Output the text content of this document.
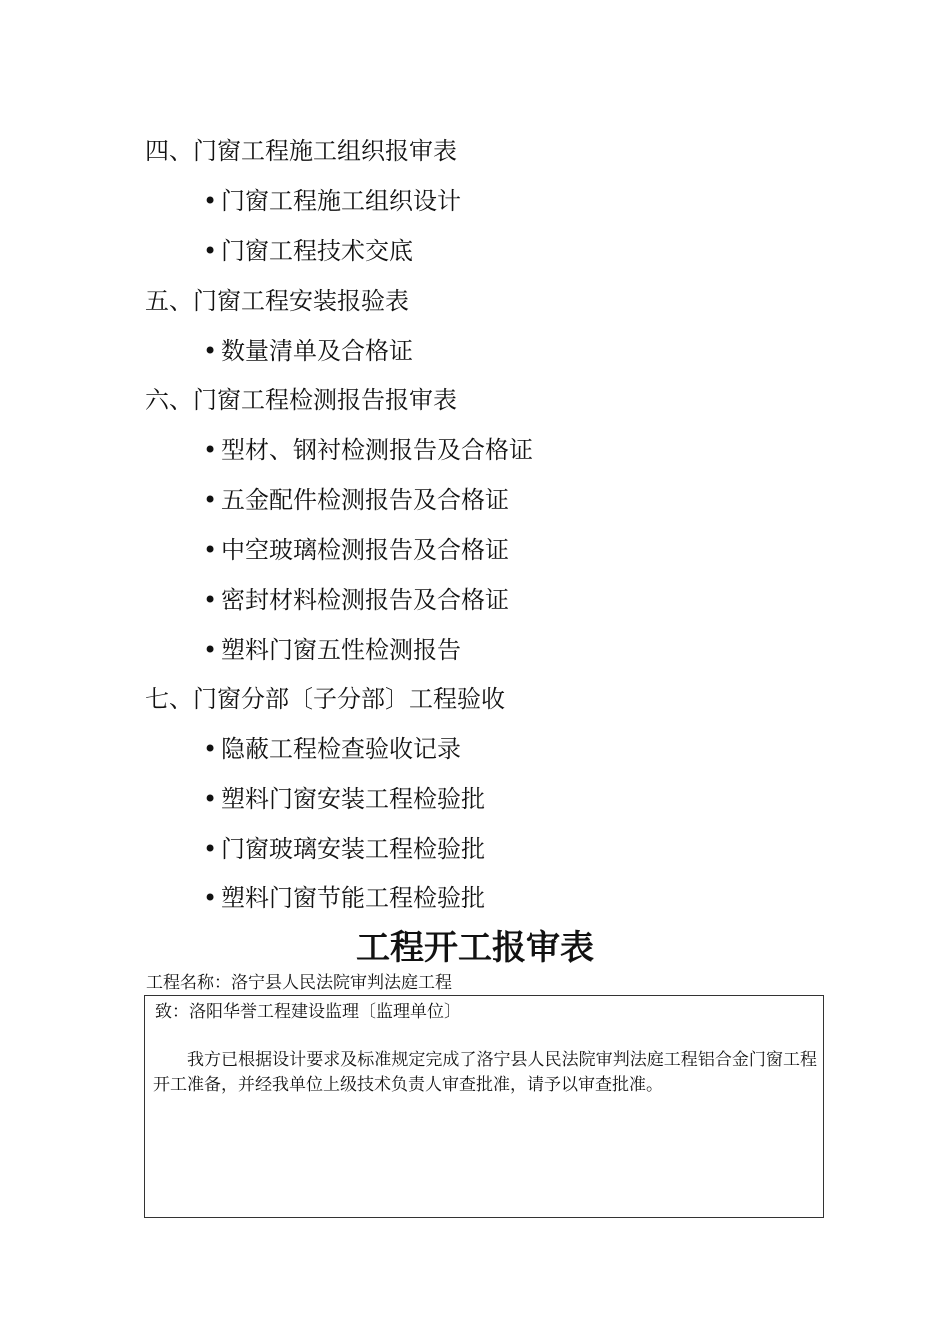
四、门窗工程施工组织报审表
• 门窗工程施工组织设计
• 门窗工程技术交底
五、门窗工程安装报验表
• 数量清单及合格证
六、门窗工程检测报告报审表
• 型材、钢衬检测报告及合格证
• 五金配件检测报告及合格证
• 中空玻璃检测报告及合格证
• 密封材料检测报告及合格证
• 塑料门窗五性检测报告
七、门窗分部〔子分部〕工程验收
• 隐蔽工程检查验收记录
• 塑料门窗安装工程检验批
• 门窗玻璃安装工程检验批
• 塑料门窗节能工程检验批
工程开工报审表
工程名称：洛宁县人民法院审判法庭工程
致：洛阳华誉工程建设监理〔监理单位〕
我方已根据设计要求及标准规定完成了洛宁县人民法院审判法庭工程铝合金门窗工程开工准备，并经我单位上级技术负责人审查批准，请予以审查批准。
